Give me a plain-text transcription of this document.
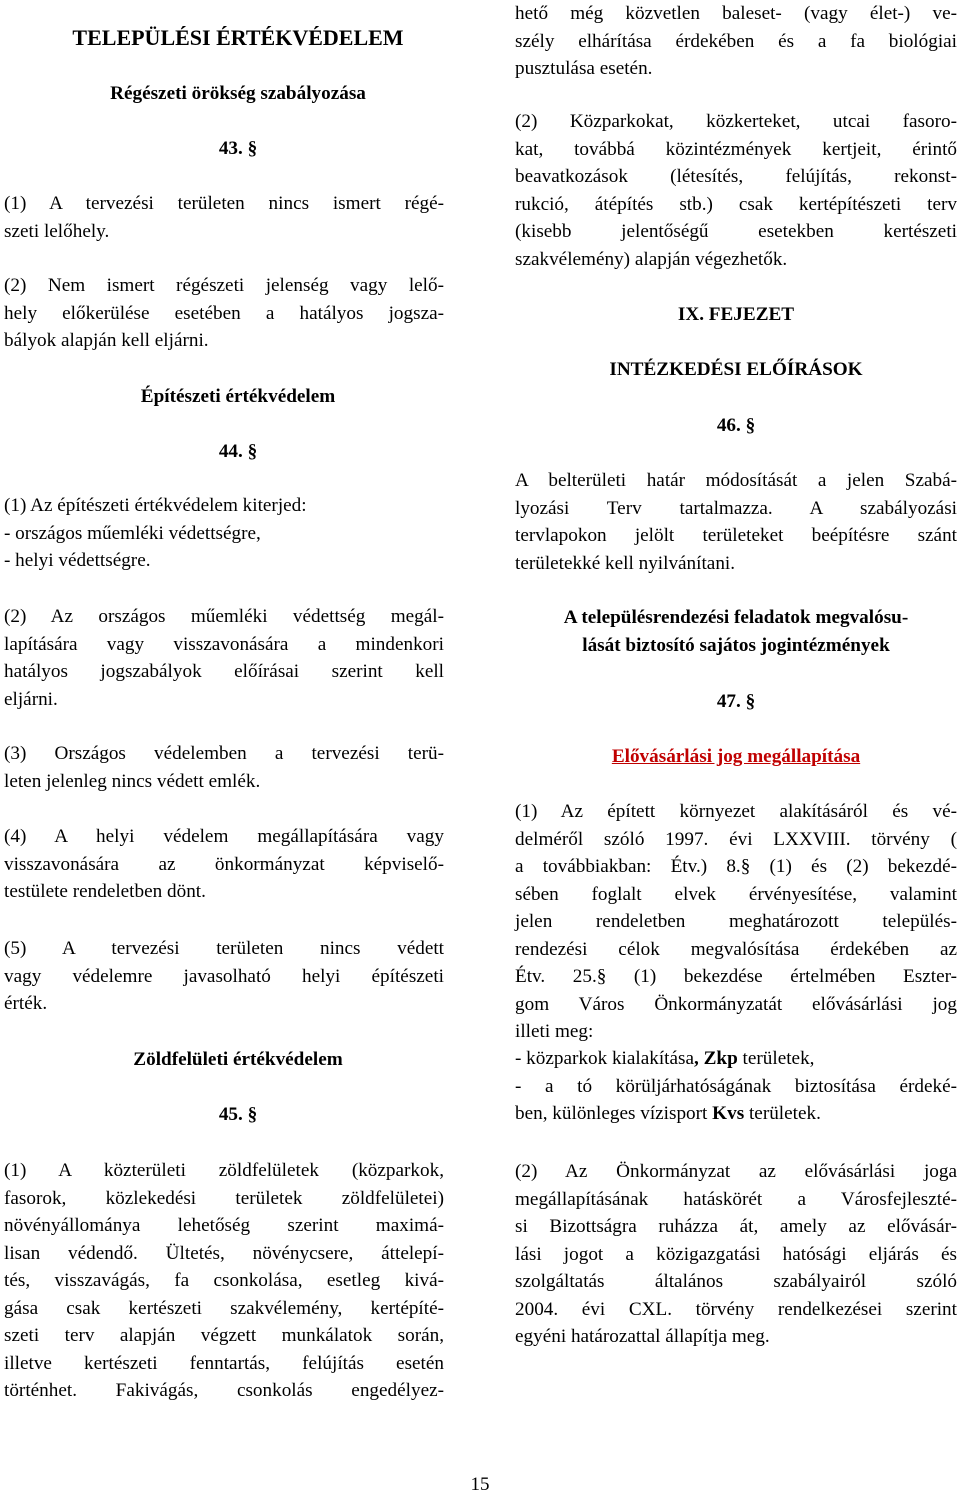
TELEPÜLÉSI ÉRTÉKVÉDELEM
Régészeti örökség szabályozása
43. §

(1) A tervezési területen nincs ismert régé-
szeti lelőhely.

(2) Nem ismert régészeti jelenség vagy lelő-
hely előkerülése esetében a hatályos jogsza-
bályok alapján kell eljárni.

Építészeti értékvédelem
44. §

(1) Az építészeti értékvédelem kiterjed:
- országos műemléki védettségre,
- helyi védettségre.

(2) Az országos műemléki védettség megál-
lapítására vagy visszavonására a mindenkori
hatályos jogszabályok előírásai szerint kell
eljárni.

(3) Országos védelemben a tervezési terü-
leten jelenleg nincs védett emlék.

(4) A helyi védelem megállapítására vagy
visszavonására az önkormányzat képviselő-
testülete rendeletben dönt.

(5) A tervezési területen nincs védett
vagy védelemre javasolható helyi építészeti
érték.

Zöldfelületi értékvédelem
45. §

(1) A közterületi zöldfelületek (közparkok,
fasorok, közlekedési területek zöldfelületei)
növényállománya lehetőség szerint maximá-
lisan védendő. Ültetés, növénycsere, áttelepí-
tés, visszavágás, fa csonkolása, esetleg kivá-
gása csak kertészeti szakvélemény, kertépíté-
szeti terv alapján végzett munkálatok során,
illetve kertészeti fenntartás, felújítás esetén
történhet. Fakivágás, csonkolás engedélyez-

hető még közvetlen baleset- (vagy élet-) ve-
szély elhárítása érdekében és a fa biológiai
pusztulása esetén.

(2) Közparkokat, közkerteket, utcai fasoro-
kat, továbbá közintézmények kertjeit, érintő
beavatkozások (létesítés, felújítás, rekonst-
rukció, átépítés stb.) csak kertépítészeti terv
(kisebb jelentőségű esetekben kertészeti
szakvélemény) alapján végezhetők.

IX. FEJEZET
INTÉZKEDÉSI ELŐÍRÁSOK
46. §

A belterületi határ módosítását a jelen Szabá-
lyozási Terv tartalmazza. A szabályozási
tervlapokon jelölt területeket beépítésre szánt
területekké kell nyilvánítani.

A településrendezési feladatok megvalósu-
lását biztosító sajátos jogintézmények
47. §
Elővásárlási jog megállapítása

(1) Az épített környezet alakításáról és vé-
delméről szóló 1997. évi LXXVIII. törvény (
a továbbiakban: Étv.) 8.§ (1) és (2) bekezdé-
sében foglalt elvek érvényesítése, valamint
jelen rendeletben meghatározott település-
rendezési célok megvalósítása érdekében az
Étv. 25.§ (1) bekezdése értelmében Eszter-
gom Város Önkormányzatát elővásárlási jog
illeti meg:

- közparkok kialakítása, Zkp területek,
- a tó körüljárhatóságának biztosítása érdeké-
ben, különleges vízisport Kvs területek.

(2) Az Önkormányzat az elővásárlási joga
megállapításának hatáskörét a Városfejleszté-
si Bizottságra ruházza át, amely az elővásár-
lási jogot a közigazgatási hatósági eljárás és
szolgáltatás általános szabályairól szóló
2004. évi CXL. törvény rendelkezései szerint
egyéni határozattal állapítja meg.

15
